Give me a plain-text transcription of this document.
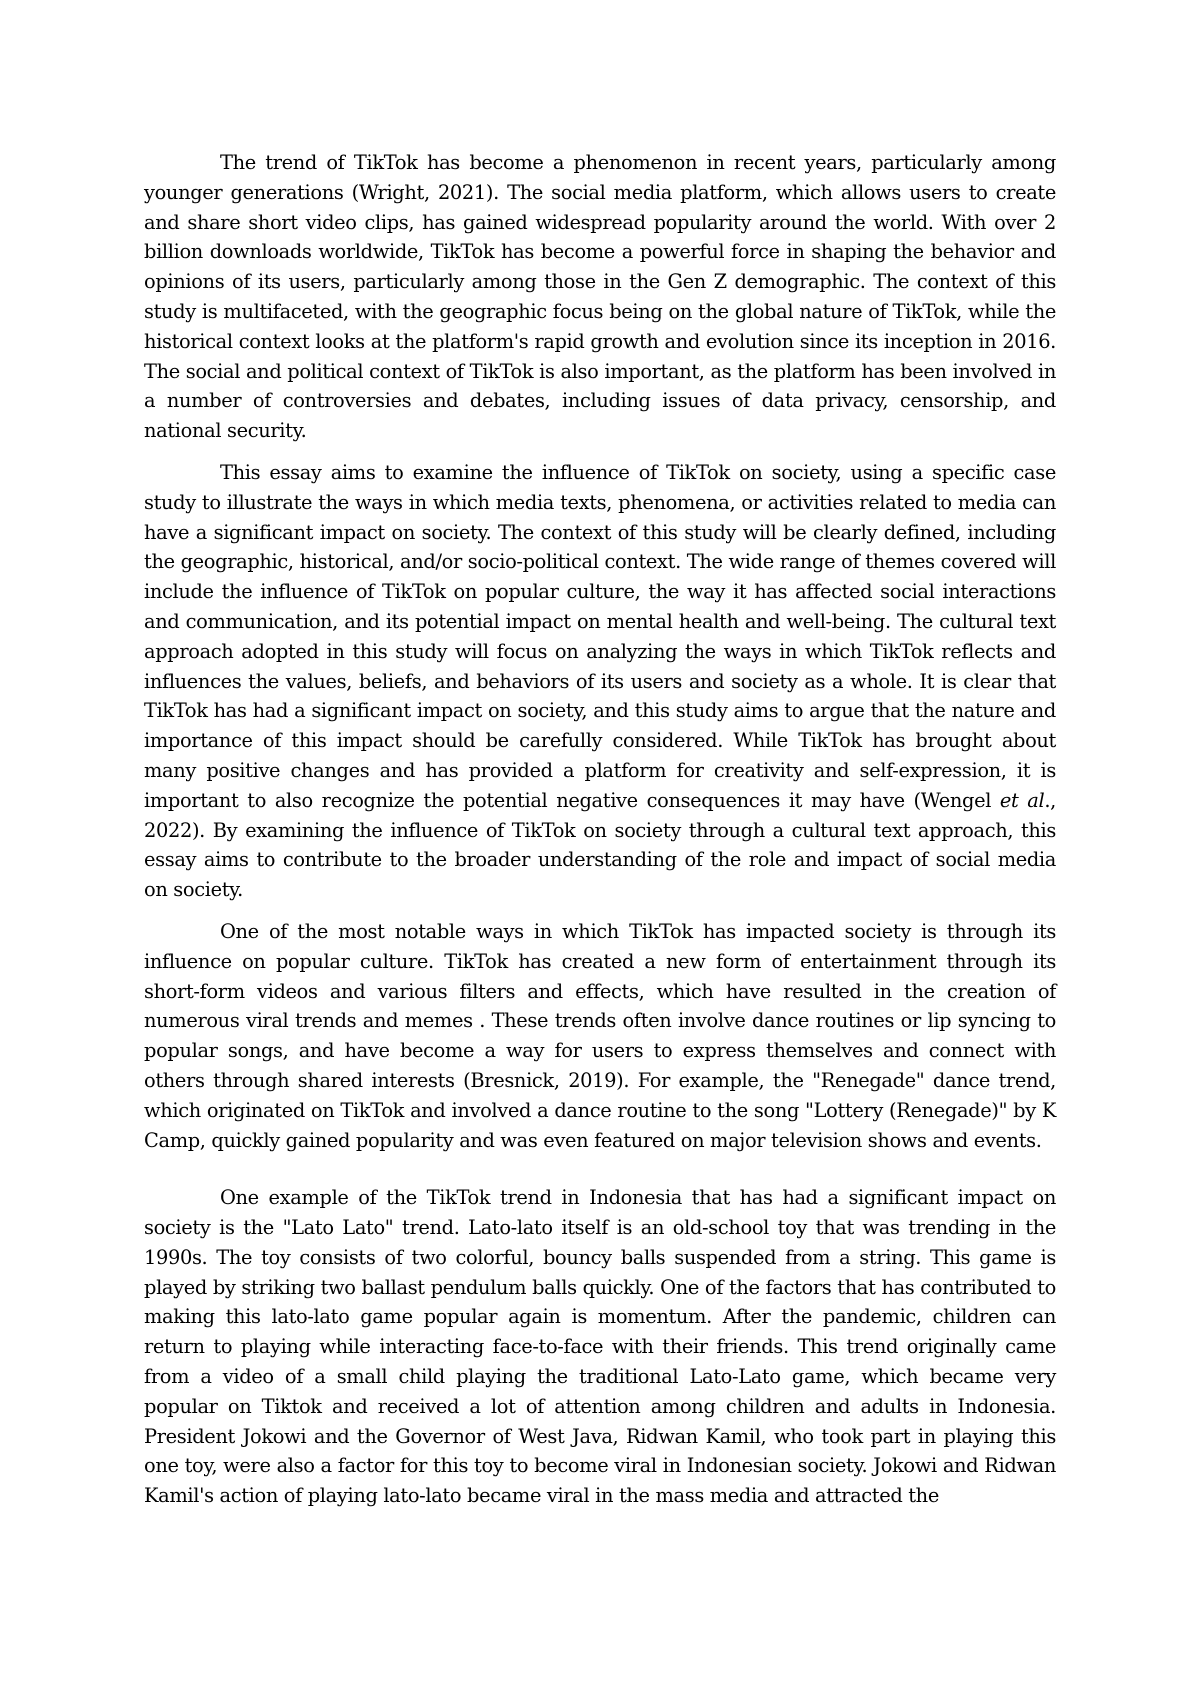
The trend of TikTok has become a phenomenon in recent years, particularly among younger generations (Wright, 2021). The social media platform, which allows users to create and share short video clips, has gained widespread popularity around the world. With over 2 billion downloads worldwide, TikTok has become a powerful force in shaping the behavior and opinions of its users, particularly among those in the Gen Z demographic. The context of this study is multifaceted, with the geographic focus being on the global nature of TikTok, while the historical context looks at the platform's rapid growth and evolution since its inception in 2016. The social and political context of TikTok is also important, as the platform has been involved in a number of controversies and debates, including issues of data privacy, censorship, and national security.

This essay aims to examine the influence of TikTok on society, using a specific case study to illustrate the ways in which media texts, phenomena, or activities related to media can have a significant impact on society. The context of this study will be clearly defined, including the geographic, historical, and/or socio-political context. The wide range of themes covered will include the influence of TikTok on popular culture, the way it has affected social interactions and communication, and its potential impact on mental health and well-being. The cultural text approach adopted in this study will focus on analyzing the ways in which TikTok reflects and influences the values, beliefs, and behaviors of its users and society as a whole. It is clear that TikTok has had a significant impact on society, and this study aims to argue that the nature and importance of this impact should be carefully considered. While TikTok has brought about many positive changes and has provided a platform for creativity and self-expression, it is important to also recognize the potential negative consequences it may have (Wengel et al., 2022). By examining the influence of TikTok on society through a cultural text approach, this essay aims to contribute to the broader understanding of the role and impact of social media on society.

One of the most notable ways in which TikTok has impacted society is through its influence on popular culture. TikTok has created a new form of entertainment through its short-form videos and various filters and effects, which have resulted in the creation of numerous viral trends and memes . These trends often involve dance routines or lip syncing to popular songs, and have become a way for users to express themselves and connect with others through shared interests (Bresnick, 2019). For example, the "Renegade" dance trend, which originated on TikTok and involved a dance routine to the song "Lottery (Renegade)" by K Camp, quickly gained popularity and was even featured on major television shows and events.

One example of the TikTok trend in Indonesia that has had a significant impact on society is the "Lato Lato" trend. Lato-lato itself is an old-school toy that was trending in the 1990s. The toy consists of two colorful, bouncy balls suspended from a string. This game is played by striking two ballast pendulum balls quickly. One of the factors that has contributed to making this lato-lato game popular again is momentum. After the pandemic, children can return to playing while interacting face-to-face with their friends. This trend originally came from a video of a small child playing the traditional Lato-Lato game, which became very popular on Tiktok and received a lot of attention among children and adults in Indonesia. President Jokowi and the Governor of West Java, Ridwan Kamil, who took part in playing this one toy, were also a factor for this toy to become viral in Indonesian society. Jokowi and Ridwan Kamil's action of playing lato-lato became viral in the mass media and attracted the
